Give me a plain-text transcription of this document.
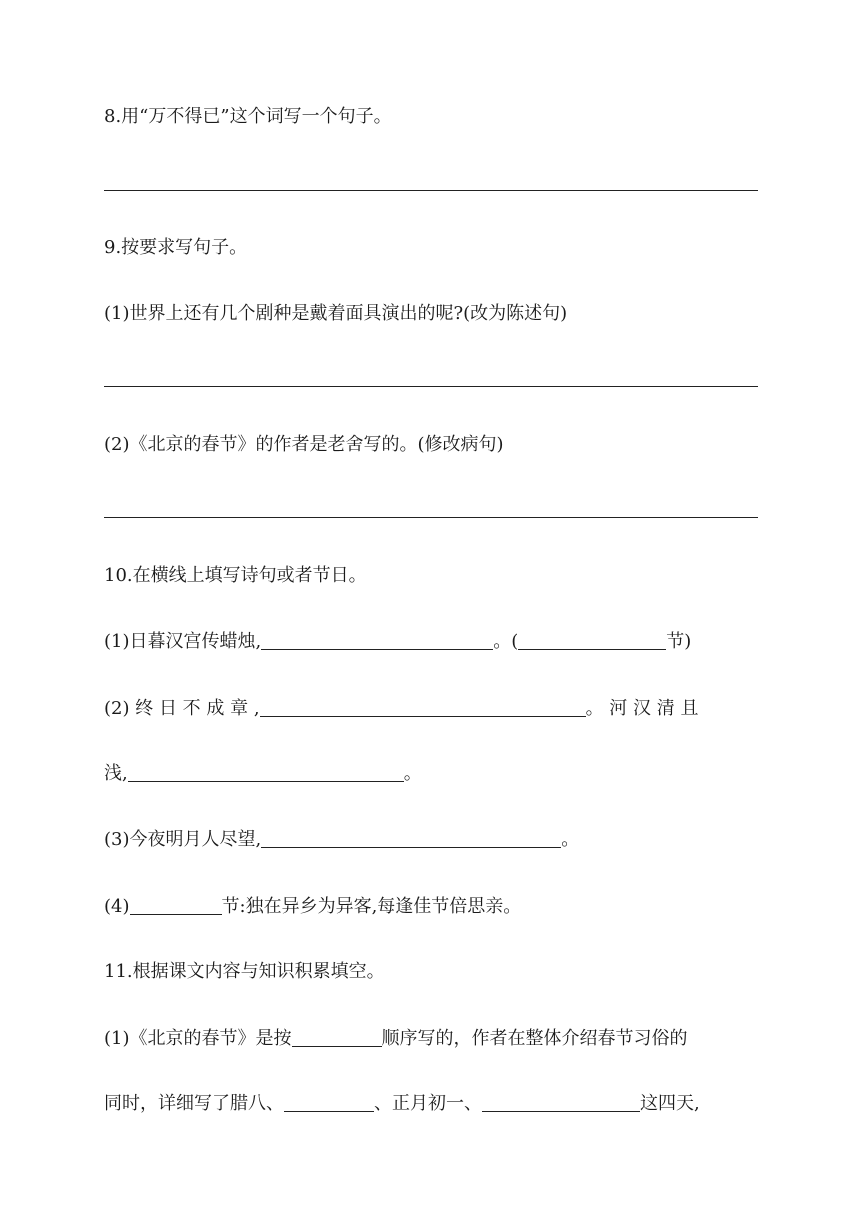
8.用“万不得已”这个词写一个句子。
9.按要求写句子。
(1)世界上还有几个剧种是戴着面具演出的呢?(改为陈述句)
(2)《北京的春节》的作者是老舍写的。(修改病句)
10.在横线上填写诗句或者节日。
(1)日暮汉宫传蜡烛,	。(	节)
(2) 终 日 不 成 章 ,	。 河 汉 清 且
浅,	。
(3)今夜明月人尽望,	。
(4)	节:独在异乡为异客,每逢佳节倍思亲。
11.根据课文内容与知识积累填空。
(1)《北京的春节》是按	顺序写的，作者在整体介绍春节习俗的
同时，详细写了腊八、	、正月初一、	这四天,
